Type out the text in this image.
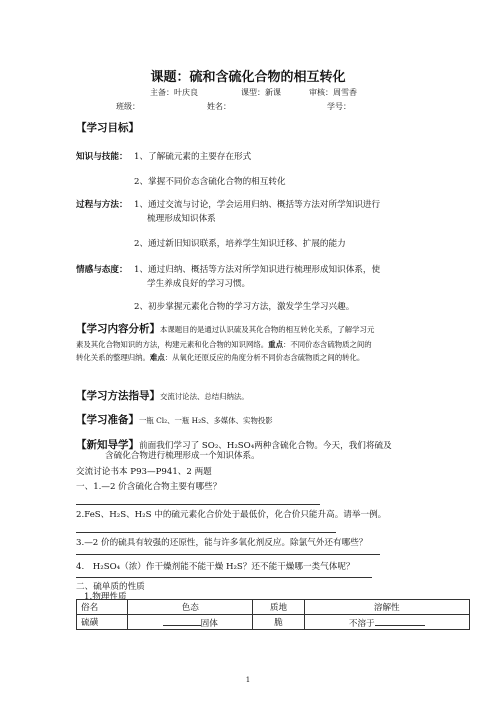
课题：硫和含硫化合物的相互转化
主备：叶庆良	课型：新课	审核：周雪香
班级：	姓名：	学号：
【学习目标】
知识与技能： 1、了解硫元素的主要存在形式
2、掌握不同价态含硫化合物的相互转化
过程与方法： 1、通过交流与讨论，学会运用归纳、概括等方法对所学知识进行
梳理形成知识体系
2、通过新旧知识联系，培养学生知识迁移、扩展的能力
情感与态度： 1、通过归纳、概括等方法对所学知识进行梳理形成知识体系，使
学生养成良好的学习习惯。
2、初步掌握元素化合物的学习方法，激发学生学习兴趣。
【学习内容分析】本课题目的是通过认识硫及其化合物的相互转化关系，了解学习元
素及其化合物知识的方法，构建元素和化合物的知识网络。重点：不同价态含硫物质之间的
转化关系的整理归纳。难点：从氧化还原反应的角度分析不同价态含硫物质之间的转化。
【学习方法指导】交流讨论法、总结归纳法。
【学习准备】一瓶 Cl₂、一瓶 H₂S、多媒体、实物投影
【新知导学】前面我们学习了 SO₂、H₂SO₄两种含硫化合物。今天，我们将硫及
含硫化合物进行梳理形成一个知识体系。
交流讨论书本 P93—P941、2 两题
一、1.—2 价含硫化合物主要有哪些？
2.FeS、H₂S、H₂S 中的硫元素化合价处于最低价，化合价只能升高。请举一例。
3.—2 价的硫具有较强的还原性，能与许多氧化剂反应。除氯气外还有哪些？
4.　H₂SO₄（浓）作干燥剂能不能干燥 H₂S？还不能干燥哪一类气体呢？
二、硫单质的性质
1.物理性质
俗名	色态	质地	溶解性
硫磺	固体	脆	不溶于
1
